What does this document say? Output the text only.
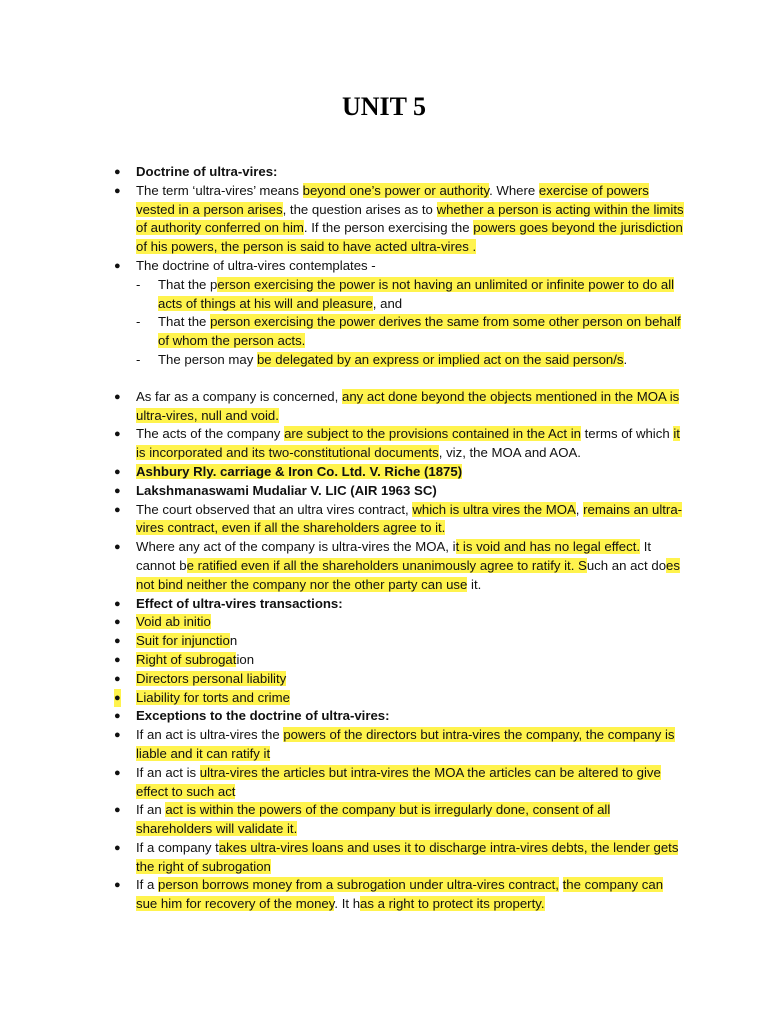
UNIT 5
● Doctrine of ultra-vires:
● The term ‘ultra-vires’ means beyond one’s power or authority. Where exercise of powers vested in a person arises, the question arises as to whether a person is acting within the limits of authority conferred on him. If the person exercising the powers goes beyond the jurisdiction of his powers, the person is said to have acted ultra-vires .
● The doctrine of ultra-vires contemplates -
- That the person exercising the power is not having an unlimited or infinite power to do all acts of things at his will and pleasure, and
- That the person exercising the power derives the same from some other person on behalf of whom the person acts.
- The person may be delegated by an express or implied act on the said person/s.
● As far as a company is concerned, any act done beyond the objects mentioned in the MOA is ultra-vires, null and void.
● The acts of the company are subject to the provisions contained in the Act in terms of which it is incorporated and its two-constitutional documents, viz, the MOA and AOA.
● Ashbury Rly. carriage & Iron Co. Ltd. V. Riche (1875)
● Lakshmanaswami Mudaliar V. LIC (AIR 1963 SC)
● The court observed that an ultra vires contract, which is ultra vires the MOA, remains an ultra-vires contract, even if all the shareholders agree to it.
● Where any act of the company is ultra-vires the MOA, it is void and has no legal effect. It cannot be ratified even if all the shareholders unanimously agree to ratify it. Such an act does not bind neither the company nor the other party can use it.
● Effect of ultra-vires transactions:
● Void ab initio
● Suit for injunction
● Right of subrogation
● Directors personal liability
● Liability for torts and crime
● Exceptions to the doctrine of ultra-vires:
● If an act is ultra-vires the powers of the directors but intra-vires the company, the company is liable and it can ratify it
● If an act is ultra-vires the articles but intra-vires the MOA the articles can be altered to give effect to such act
● If an act is within the powers of the company but is irregularly done, consent of all shareholders will validate it.
● If a company takes ultra-vires loans and uses it to discharge intra-vires debts, the lender gets the right of subrogation
● If a person borrows money from a subrogation under ultra-vires contract, the company can sue him for recovery of the money. It has a right to protect its property.
